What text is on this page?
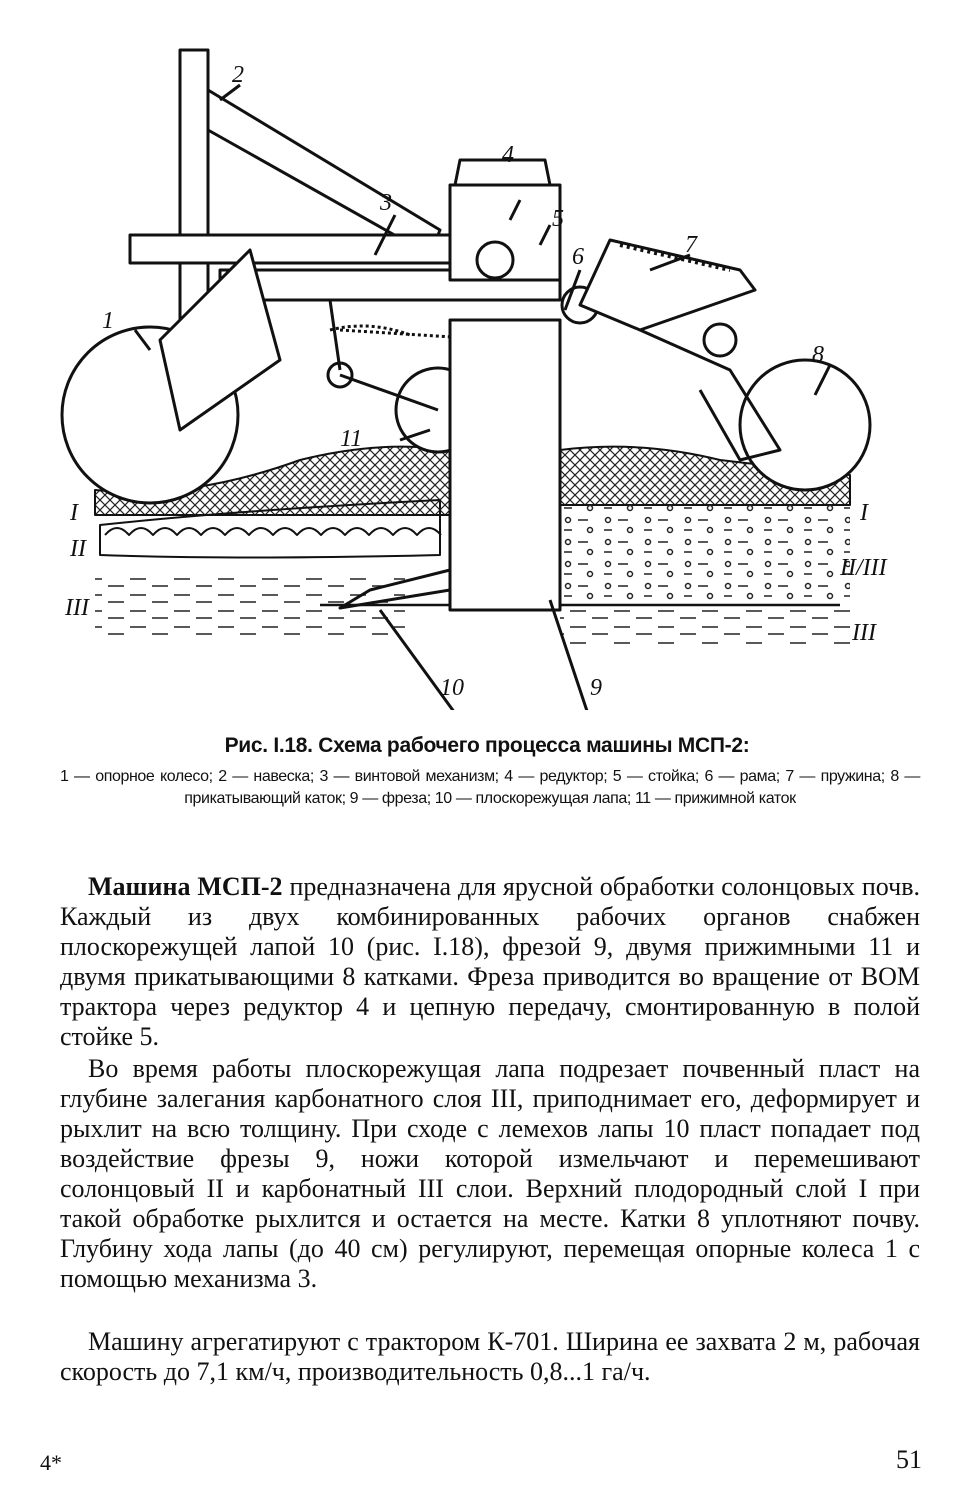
2
3
4
5
6	7
8
1
11
10	9
I
II
III
I
II/III
III
Рис. I.18. Схема рабочего процесса машины МСП-2:
1 — опорное колесо; 2 — навеска; 3 — винтовой механизм; 4 — редуктор; 5 — стойка; 6 — рама; 7 — пружина; 8 — прикатывающий каток; 9 — фреза; 10 — плоскорежущая лапа; 11 — прижимной каток

Машина МСП-2 предназначена для ярусной обработки солонцовых почв. Каждый из двух комбинированных рабочих органов снабжен плоскорежущей лапой 10 (рис. I.18), фрезой 9, двумя прижимными 11 и двумя прикатывающими 8 катками. Фреза приводится во вращение от ВОМ трактора через редуктор 4 и цепную передачу, смонтированную в полой стойке 5.

Во время работы плоскорежущая лапа подрезает почвенный пласт на глубине залегания карбонатного слоя III, приподнимает его, деформирует и рыхлит на всю толщину. При сходе с лемехов лапы 10 пласт попадает под воздействие фрезы 9, ножи которой измельчают и перемешивают солонцовый II и карбонатный III слои. Верхний плодородный слой I при такой обработке рыхлится и остается на месте. Катки 8 уплотняют почву. Глубину хода лапы (до 40 см) регулируют, перемещая опорные колеса 1 с помощью механизма 3.

Машину агрегатируют с трактором К-701. Ширина ее захвата 2 м, рабочая скорость до 7,1 км/ч, производительность 0,8...1 га/ч.

4*	51
